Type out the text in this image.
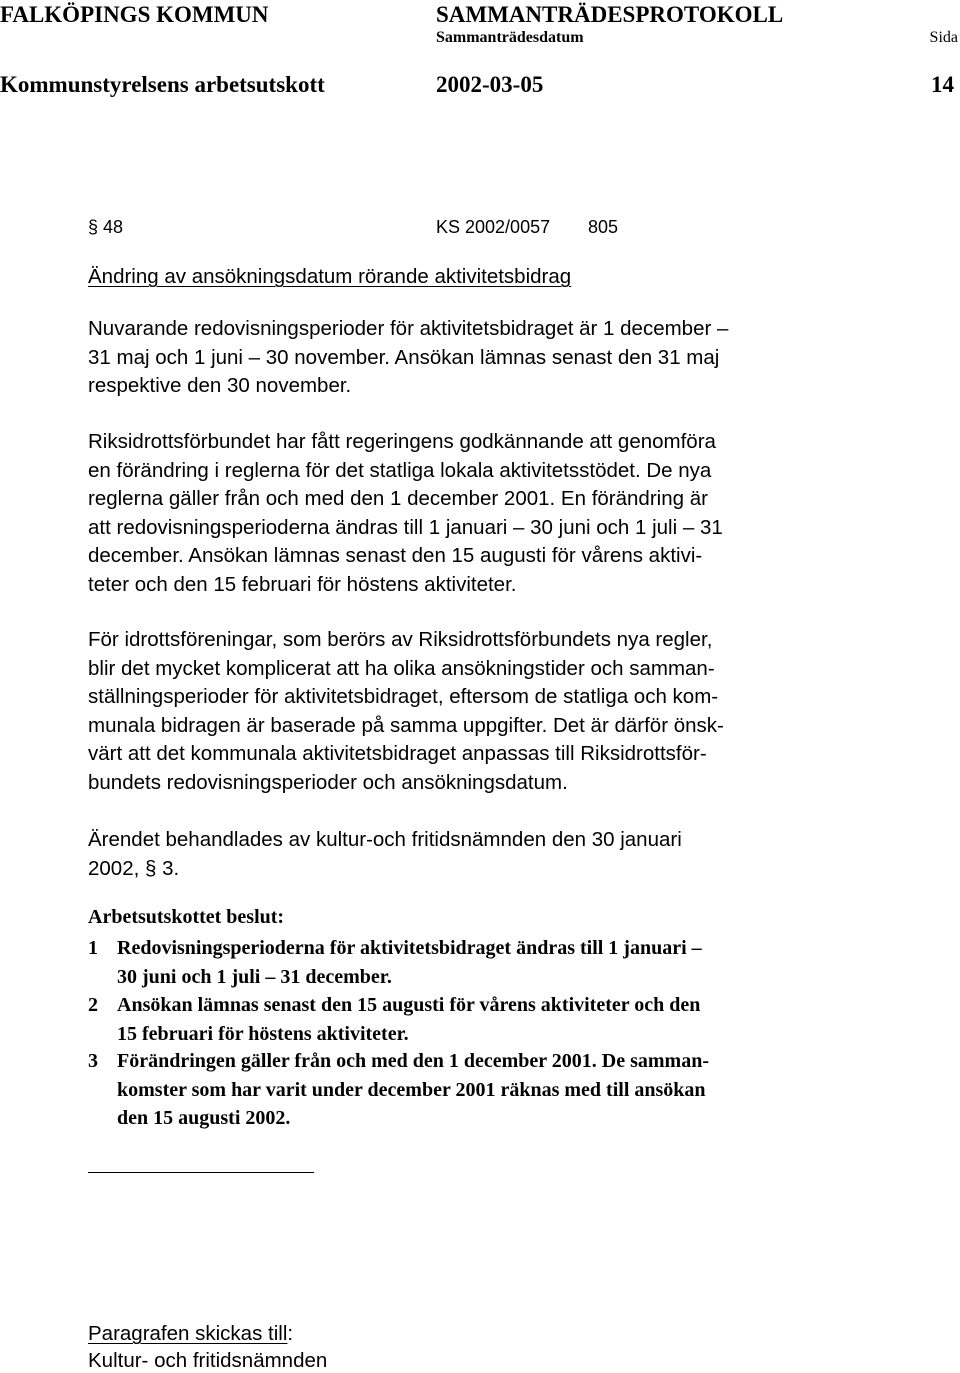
FALKÖPINGS KOMMUN	SAMMANTRÄDESPROTOKOLL
Sammanträdesdatum	Sida
Kommunstyrelsens arbetsutskott	2002-03-05	14
§ 48	KS 2002/0057 805
Ändring av ansökningsdatum rörande aktivitetsbidrag
Nuvarande redovisningsperioder för aktivitetsbidraget är 1 december –
31 maj och 1 juni – 30 november. Ansökan lämnas senast den 31 maj
respektive den 30 november.
Riksidrottsförbundet har fått regeringens godkännande att genomföra
en förändring i reglerna för det statliga lokala aktivitetsstödet. De nya
reglerna gäller från och med den 1 december 2001. En förändring är
att redovisningsperioderna ändras till 1 januari – 30 juni och 1 juli – 31
december. Ansökan lämnas senast den 15 augusti för vårens aktivi-
teter och den 15 februari för höstens aktiviteter.
För idrottsföreningar, som berörs av Riksidrottsförbundets nya regler,
blir det mycket komplicerat att ha olika ansökningstider och samman-
ställningsperioder för aktivitetsbidraget, eftersom de statliga och kom-
munala bidragen är baserade på samma uppgifter. Det är därför önsk-
värt att det kommunala aktivitetsbidraget anpassas till Riksidrottsför-
bundets redovisningsperioder och ansökningsdatum.
Ärendet behandlades av kultur-och fritidsnämnden den 30 januari
2002, § 3.
Arbetsutskottet beslut:
1 Redovisningsperioderna för aktivitetsbidraget ändras till 1 januari –
30 juni och 1 juli – 31 december.
2 Ansökan lämnas senast den 15 augusti för vårens aktiviteter och den
15 februari för höstens aktiviteter.
3 Förändringen gäller från och med den 1 december 2001. De samman-
komster som har varit under december 2001 räknas med till ansökan
den 15 augusti 2002.
Paragrafen skickas till:
Kultur- och fritidsnämnden
